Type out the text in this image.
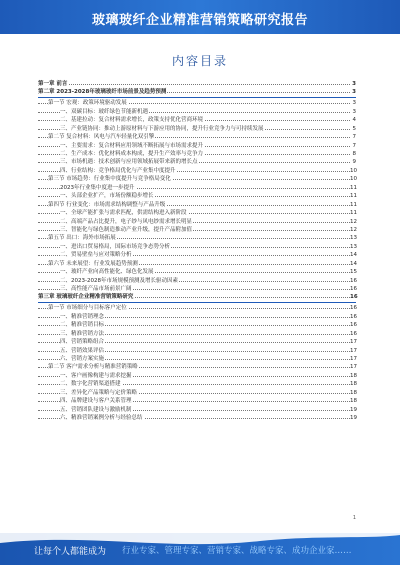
玻璃玻纤企业精准营销策略研究报告
内容目录
第一章 前言	3
第二章 2023-2028年玻璃玻纤市场前景及趋势预测	3
第一节 宏观：政策环境驱动发展	3
一、双碳目标：玻纤绿色节能新机遇	3
二、基建拉动：复合材料需求增长，政策支持优化营商环境	4
三、产业链协同：推动上游原材料与下游应用的协同，提升行业竞争力与可持续发展	5
第二节 复合材料：风电与汽车轻量化双引擎	7
一、主要需求：复合材料应用领域不断拓展与市场需求提升	7
二、生产成本：优化材料成本构成，提升生产效率与竞争力	8
三、市场机遇：技术创新与应用领域拓展带来新的增长点	9
四、行业结构：竞争格局优化与产业集中度提升	10
第三节 市场趋势：行业集中度提升与竞争格局变化	10
2023年行业集中度进一步提升	11
一、头部企业扩产，市场份额稳步增长	11
第四节 行业变化：市场需求结构调整与产品升级	11
一、全球产能扩张与需求匹配，供需结构进入新阶段	11
二、高端产品占比提升，电子纱与风电纱需求增长明显	12
三、智能化与绿色制造推动产业升级，提升产品附加值	12
第五节 出口：海外市场拓展	13
一、进出口贸易格局，国际市场竞争态势分析	13
二、贸易壁垒与应对策略分析	14
第六节 未来展望：行业发展趋势预测	14
一、玻纤产业向高性能化、绿色化发展	15
二、2023-2028年市场规模预测及增长驱动因素	16
三、高性能产品市场前景广阔	16
第三章 玻璃玻纤企业精准营销策略研究	16
第一节 市场细分与目标客户定位	16
一、精准营销理念	16
二、精准营销目标	16
三、精准营销方法	16
四、营销策略组合	17
五、营销效果评估	17
六、营销方案实施	17
第二节 客户需求分析与精准营销策略	17
一、客户画像构建与需求挖掘	18
二、数字化营销渠道搭建	18
三、差异化产品策略与定价策略	18
四、品牌建设与客户关系管理	18
五、营销团队建设与激励机制	19
六、精准营销案例分析与经验总结	19
1
让每个人都能成为 行业专家、管理专家、营销专家、战略专家、成功企业家……
